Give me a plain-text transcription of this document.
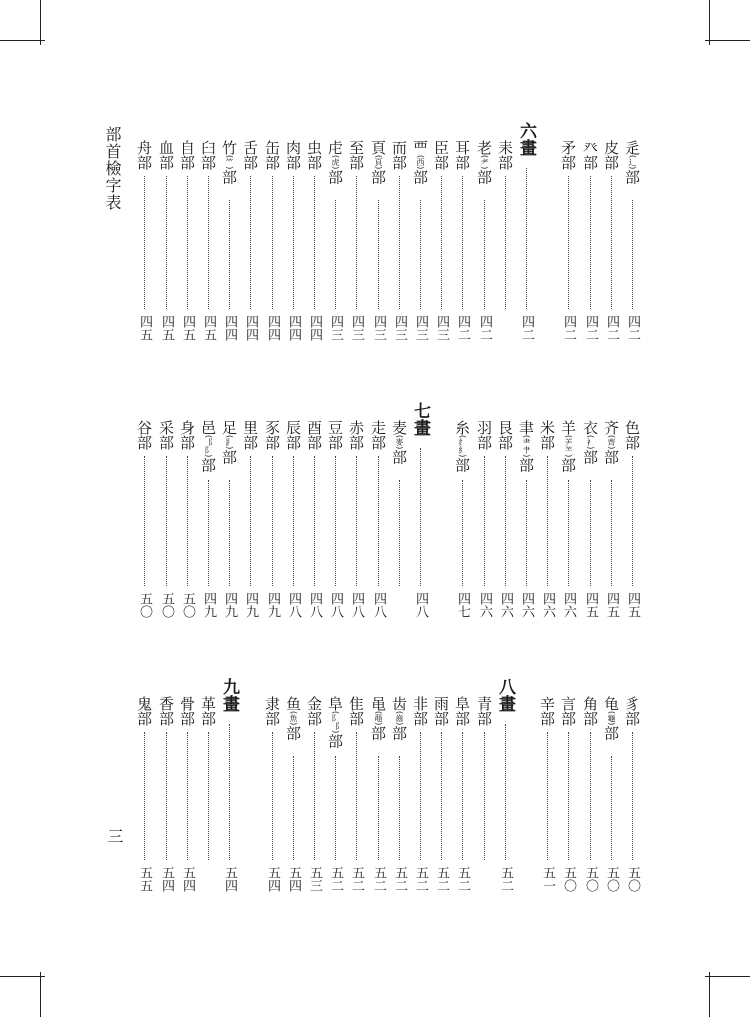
部首檢字表
三
辵(辶)部
四二
皮部
四二
癶部
四二
矛部
四二
六畫
四二
耒部
老(耂)部
四二
耳部
四二
臣部
四三
覀(西)部
四三
而部
四三
頁(頁)部
四三
至部
四三
虍(虎)部
四三
虫部
四四
肉部
四四
缶部
四四
舌部
四四
竹(⺮)部
四四
臼部
四五
自部
四五
血部
四五
舟部
四五
色部
四五
齐(齊)部
四五
衣(衤)部
四五
羊(⺶⺷)部
四六
米部
四六
聿(⺻肀)部
四六
艮部
四六
羽部
四六
糸(纟糹)部
四七
七畫
四八
麦(麥)部
走部
四八
赤部
四八
豆部
四八
酉部
四八
辰部
四八
豕部
四九
里部
四九
足(⻊)部
四九
邑(⻏⻖)部
四九
身部
五〇
采部
五〇
谷部
五〇
豸部
五〇
龟(龜)部
五〇
角部
五〇
言部
五〇
辛部
五一
八畫
五二
青部
阜部
五二
雨部
五二
非部
五二
齿(齒)部
五二
黾(黽)部
五二
隹部
五二
阜(⻖⻏)部
五二
金部
五三
鱼(魚)部
五四
隶部
五四
九畫
五四
革部
骨部
五四
香部
五四
鬼部
五五
